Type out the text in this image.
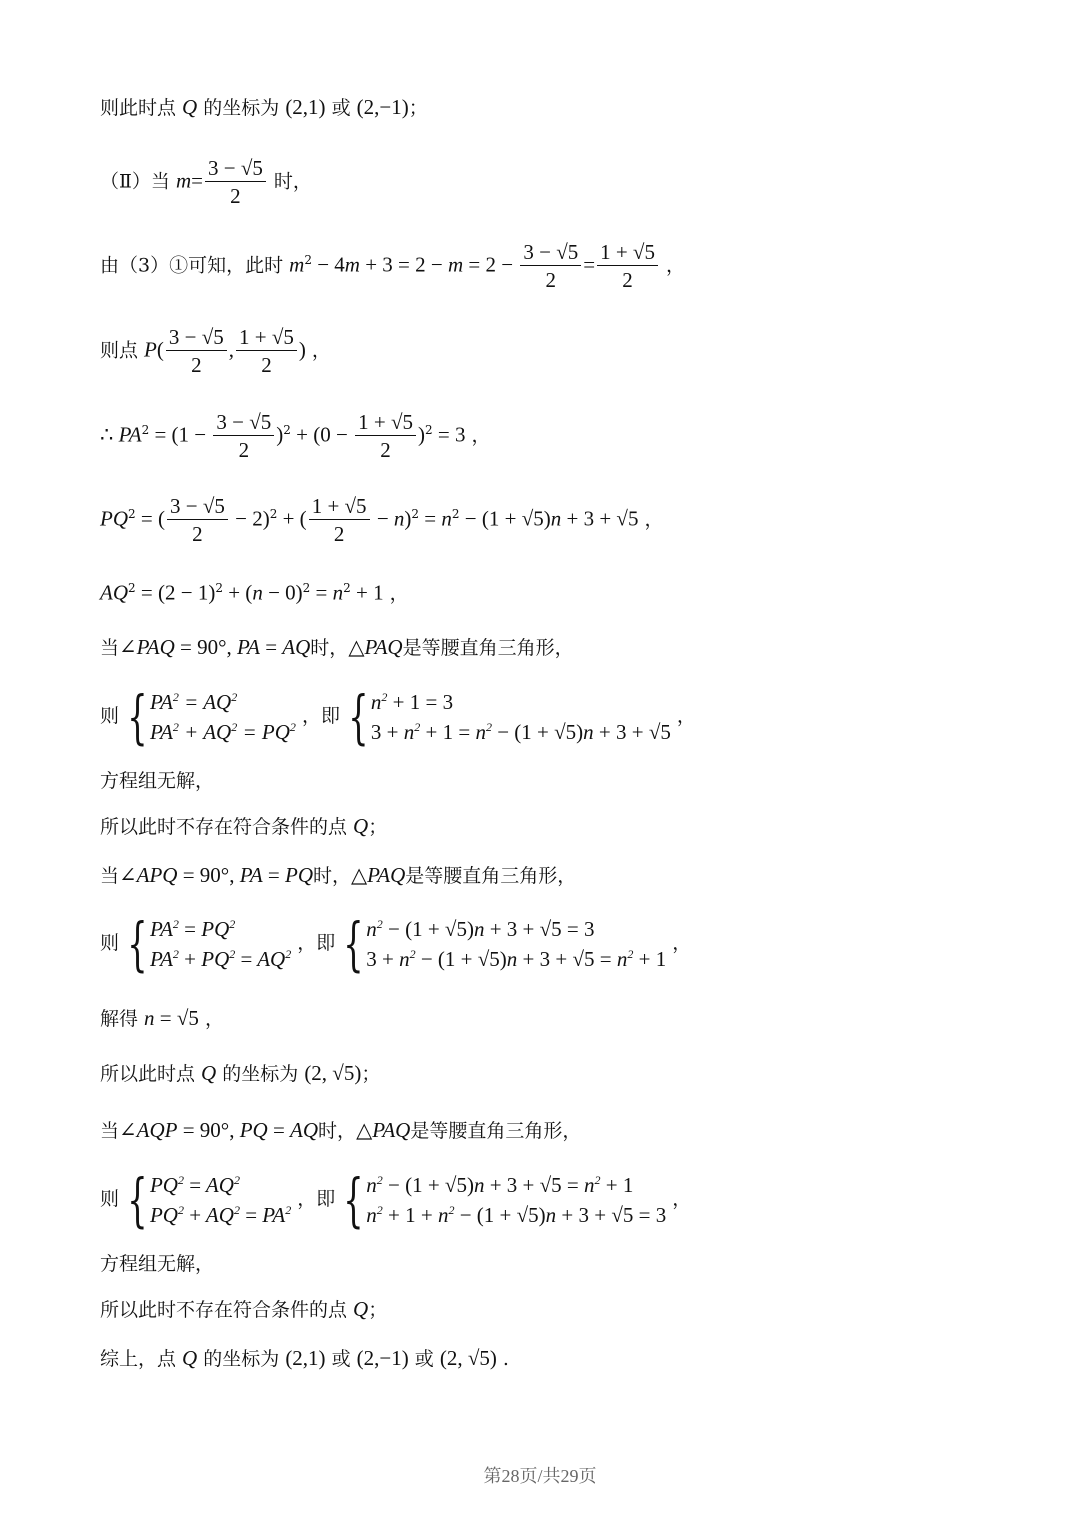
则此时点 Q 的坐标为 (2,1) 或 (2,−1)；
（Ⅱ）当 $m= \frac{3 - √5}{2}$ 时，
由（3）①可知，此时 $m^2 - 4m + 3 = 2 - m = 2 - \frac{3 - √5}{2} = \frac{1 + √5}{2}$ ，
则点 $P( \frac{3 - √5}{2}$ , $\frac{1 + √5}{2}$ ) ，
∴ $PA^2 = (1 - \frac{3 - √5}{2} )^2 + (0 - \frac{1 + √5}{2} )^2 = 3$ ，
$PQ^2$ = ( $\frac{3 - √5}{2} - 2)^2$ + ( $\frac{1 + √5}{2} - n)^2 = n^2 - (1 + √5)n + 3 + √5$ ，
$AQ^2 = (2 - 1)^2 + (n - 0)^2 = n^2 + 1$ ，
当∠PAQ = 90°, PA = AQ时，△PAQ是等腰直角三角形，
则 { $PA^2 = AQ^2$
$PA^2 + AQ^2 = PQ^2$ ，即 { $n^2 + 1 = 3$
$3 + n^2 + 1 = n^2 - (1 + √5)n + 3 + √5$
，
方程组无解，
所以此时不存在符合条件的点 Q；
当∠APQ = 90°, PA = PQ时，△PAQ是等腰直角三角形，
则 { $PA^2 = PQ^2$
$PA^2 + PQ^2 = AQ^2$ ，即 { $n^2 - (1 + √5)n + 3 + √5 = 3$
$3 + n^2 - (1 + √5)n + 3 + √5 = n^2 + 1$
，
解得 n = √5 ，
所以此时点 Q 的坐标为 (2, √5)；
当∠AQP = 90°, PQ = AQ时，△PAQ是等腰直角三角形，
则 { $PQ^2 = AQ^2$
$PQ^2 + AQ^2 = PA^2$ ，即 { $n^2 - (1 + √5)n + 3 + √5 = n^2 + 1$
$n^2 + 1 + n^2 - (1 + √5)n + 3 + √5 = 3$
，
方程组无解，
所以此时不存在符合条件的点 Q；
综上，点 Q 的坐标为 (2,1) 或 (2,−1) 或 (2, √5) .
第28页/共29页
